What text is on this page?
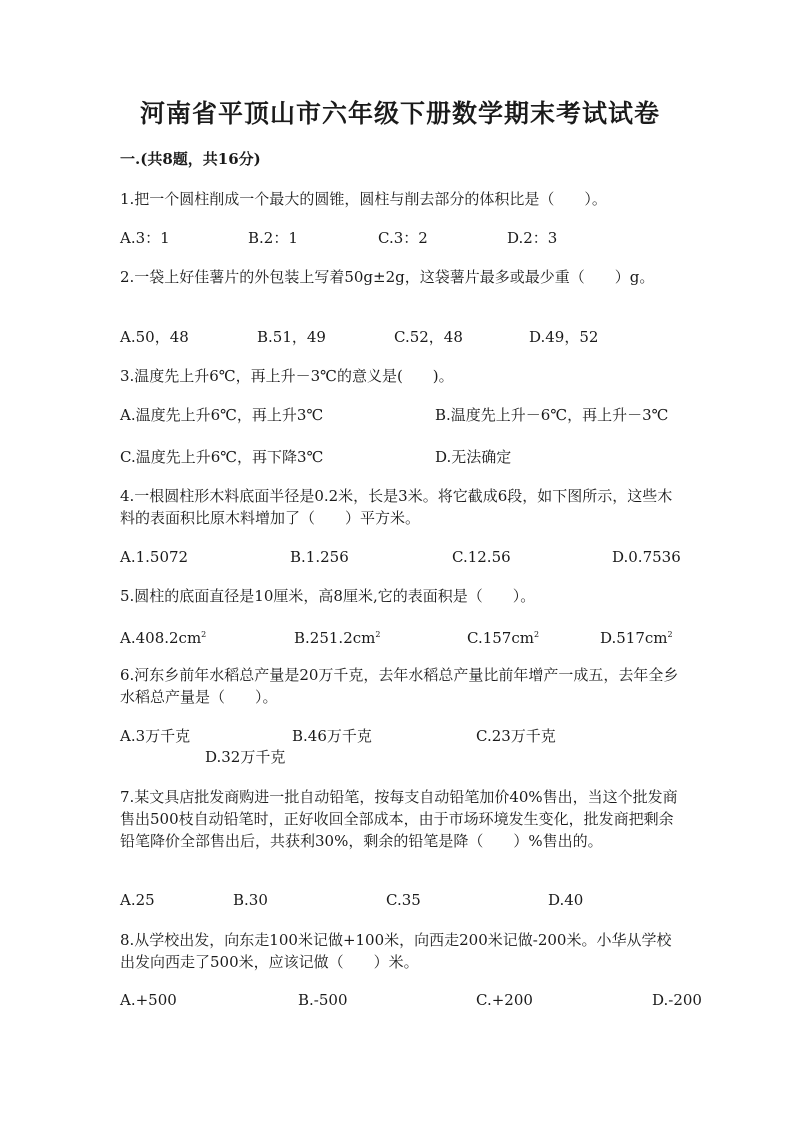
河南省平顶山市六年级下册数学期末考试试卷
一.(共8题，共16分)
1.把一个圆柱削成一个最大的圆锥，圆柱与削去部分的体积比是（　　）。
A.3：1	B.2：1	C.3：2	D.2：3
2.一袋上好佳薯片的外包装上写着50g±2g，这袋薯片最多或最少重（　　）g。
A.50，48	B.51，49	C.52，48	D.49，52
3.温度先上升6℃，再上升－3℃的意义是(　　)。
A.温度先上升6℃，再上升3℃	B.温度先上升－6℃，再上升－3℃
C.温度先上升6℃，再下降3℃	D.无法确定
4.一根圆柱形木料底面半径是0.2米，长是3米。将它截成6段，如下图所示，这些木料的表面积比原木料增加了（　　）平方米。
A.1.5072	B.1.256	C.12.56	D.0.7536
5.圆柱的底面直径是10厘米，高8厘米,它的表面积是（　　）。
$A.408.2cm^2$	$B.251.2cm^2$	$C.157cm^2$	$D.517cm^2$
6.河东乡前年水稻总产量是20万千克，去年水稻总产量比前年增产一成五，去年全乡水稻总产量是（　　）。
A.3万千克	B.46万千克	C.23万千克
D.32万千克
7.某文具店批发商购进一批自动铅笔，按每支自动铅笔加价40%售出，当这个批发商售出500枝自动铅笔时，正好收回全部成本，由于市场环境发生变化，批发商把剩余铅笔降价全部售出后，共获利30%，剩余的铅笔是降（　　）%售出的。
A.25	B.30	C.35	D.40
8.从学校出发，向东走100米记做+100米，向西走200米记做-200米。小华从学校出发向西走了500米，应该记做（　　）米。
A.+500	B.-500	C.+200	D.-200
